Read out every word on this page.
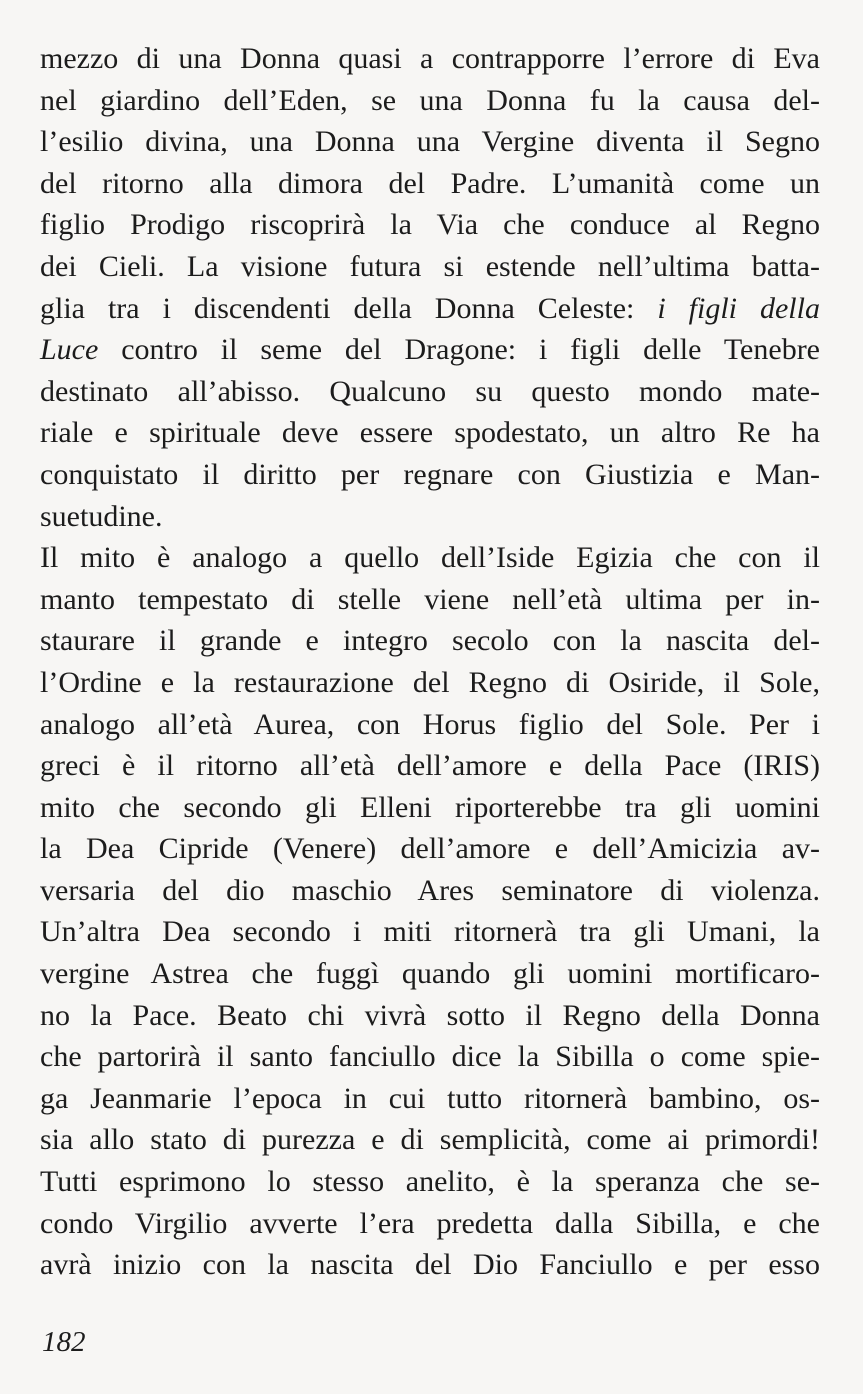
mezzo di una Donna quasi a contrapporre l’errore di Eva
nel giardino dell’Eden, se una Donna fu la causa del-
l’esilio divina, una Donna una Vergine diventa il Segno
del ritorno alla dimora del Padre. L’umanità come un
figlio Prodigo riscoprirà la Via che conduce al Regno
dei Cieli. La visione futura si estende nell’ultima batta-
glia tra i discendenti della Donna Celeste: i figli della
Luce contro il seme del Dragone: i figli delle Tenebre
destinato all’abisso. Qualcuno su questo mondo mate-
riale e spirituale deve essere spodestato, un altro Re ha
conquistato il diritto per regnare con Giustizia e Man-
suetudine.
Il mito è analogo a quello dell’Iside Egizia che con il
manto tempestato di stelle viene nell’età ultima per in-
staurare il grande e integro secolo con la nascita del-
l’Ordine e la restaurazione del Regno di Osiride, il Sole,
analogo all’età Aurea, con Horus figlio del Sole. Per i
greci è il ritorno all’età dell’amore e della Pace (IRIS)
mito che secondo gli Elleni riporterebbe tra gli uomini
la Dea Cipride (Venere) dell’amore e dell’Amicizia av-
versaria del dio maschio Ares seminatore di violenza.
Un’altra Dea secondo i miti ritornerà tra gli Umani, la
vergine Astrea che fuggì quando gli uomini mortificaro-
no la Pace. Beato chi vivrà sotto il Regno della Donna
che partorirà il santo fanciullo dice la Sibilla o come spie-
ga Jeanmarie l’epoca in cui tutto ritornerà bambino, os-
sia allo stato di purezza e di semplicità, come ai primordi!
Tutti esprimono lo stesso anelito, è la speranza che se-
condo Virgilio avverte l’era predetta dalla Sibilla, e che
avrà inizio con la nascita del Dio Fanciullo e per esso
182
